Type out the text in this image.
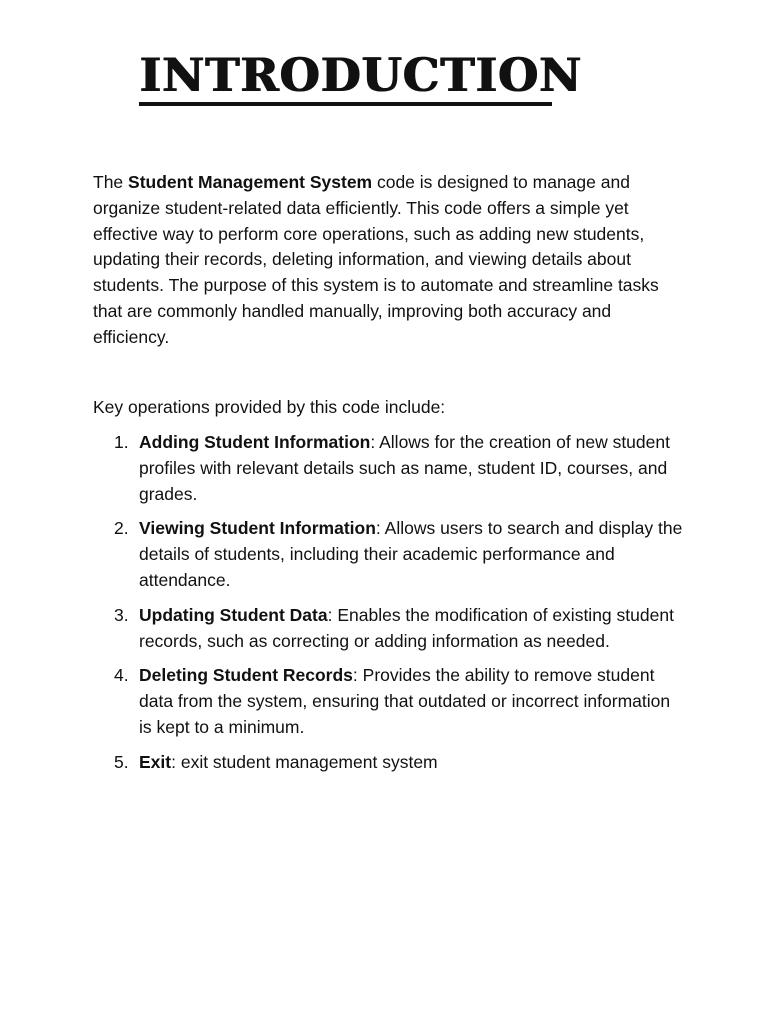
INTRODUCTION

The Student Management System code is designed to manage and organize student-related data efficiently. This code offers a simple yet effective way to perform core operations, such as adding new students, updating their records, deleting information, and viewing details about students. The purpose of this system is to automate and streamline tasks that are commonly handled manually, improving both accuracy and efficiency.

Key operations provided by this code include:

1. Adding Student Information: Allows for the creation of new student profiles with relevant details such as name, student ID, courses, and grades.
2. Viewing Student Information: Allows users to search and display the details of students, including their academic performance and attendance.
3. Updating Student Data: Enables the modification of existing student records, such as correcting or adding information as needed.
4. Deleting Student Records: Provides the ability to remove student data from the system, ensuring that outdated or incorrect information is kept to a minimum.
5. Exit: exit student management system
